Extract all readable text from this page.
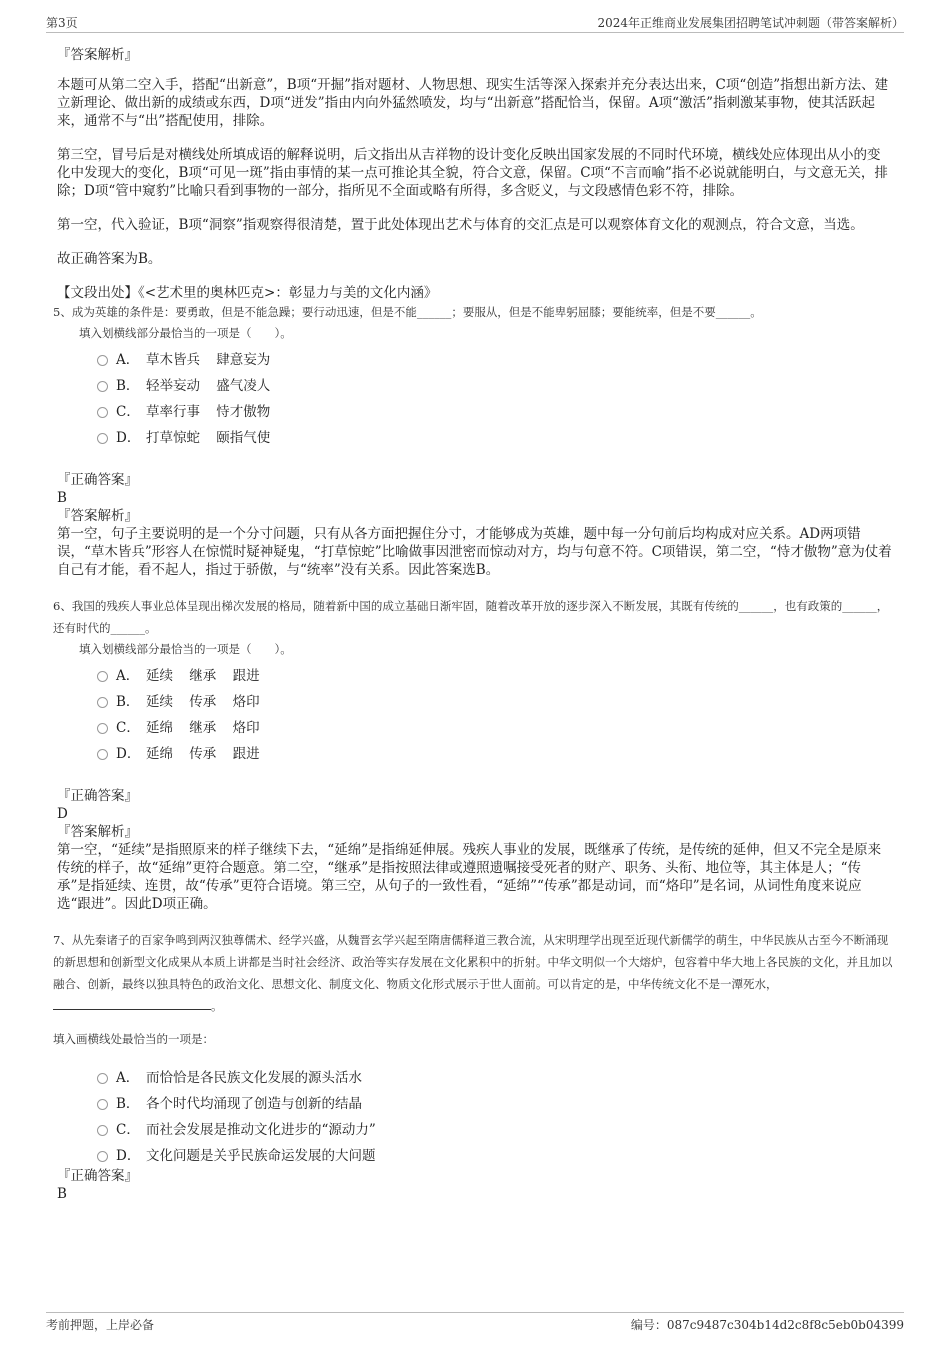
第3页	2024年正维商业发展集团招聘笔试冲刺题（带答案解析）

『答案解析』

本题可从第二空入手，搭配“出新意”，B项“开掘”指对题材、人物思想、现实生活等深入探索并充分表达出来，C项“创造”指想出新方法、建立新理论、做出新的成绩或东西，D项“迸发”指由内向外猛然喷发，均与“出新意”搭配恰当，保留。A项“激活”指刺激某事物，使其活跃起来，通常不与“出”搭配使用，排除。

第三空，冒号后是对横线处所填成语的解释说明，后文指出从吉祥物的设计变化反映出国家发展的不同时代环境，横线处应体现出从小的变化中发现大的变化，B项“可见一斑”指由事情的某一点可推论其全貌，符合文意，保留。C项“不言而喻”指不必说就能明白，与文意无关，排除；D项“管中窥豹”比喻只看到事物的一部分，指所见不全面或略有所得，多含贬义，与文段感情色彩不符，排除。

第一空，代入验证，B项“洞察”指观察得很清楚，置于此处体现出艺术与体育的交汇点是可以观察体育文化的观测点，符合文意，当选。

故正确答案为B。

【文段出处】《<艺术里的奥林匹克>：彰显力与美的文化内涵》

5、成为英雄的条件是：要勇敢，但是不能急躁；要行动迅速，但是不能______；要服从，但是不能卑躬屈膝；要能统率，但是不要______。

填入划横线部分最恰当的一项是（　　）。

A． 草木皆兵 肆意妄为
B． 轻举妄动 盛气凌人
C． 草率行事 恃才傲物
D． 打草惊蛇 颐指气使

『正确答案』

B

『答案解析』

第一空，句子主要说明的是一个分寸问题，只有从各方面把握住分寸，才能够成为英雄，题中每一分句前后均构成对应关系。AD两项错误，“草木皆兵”形容人在惊慌时疑神疑鬼，“打草惊蛇”比喻做事因泄密而惊动对方，均与句意不符。C项错误，第二空，“恃才傲物”意为仗着自己有才能，看不起人，指过于骄傲，与“统率”没有关系。因此答案选B。

6、我国的残疾人事业总体呈现出梯次发展的格局，随着新中国的成立基础日渐牢固，随着改革开放的逐步深入不断发展，其既有传统的______，也有政策的______，还有时代的______。

填入划横线部分最恰当的一项是（　　）。

A． 延续 继承 跟进
B． 延续 传承 烙印
C． 延绵 继承 烙印
D． 延绵 传承 跟进

『正确答案』

D

『答案解析』

第一空，“延续”是指照原来的样子继续下去，“延绵”是指绵延伸展。残疾人事业的发展，既继承了传统，是传统的延伸，但又不完全是原来传统的样子，故“延绵”更符合题意。第二空，“继承”是指按照法律或遵照遗嘱接受死者的财产、职务、头衔、地位等，其主体是人；“传承”是指延续、连贯，故“传承”更符合语境。第三空，从句子的一致性看，“延绵”“传承”都是动词，而“烙印”是名词，从词性角度来说应选“跟进”。因此D项正确。

7、从先秦诸子的百家争鸣到两汉独尊儒术、经学兴盛，从魏晋玄学兴起至隋唐儒释道三教合流，从宋明理学出现至近现代新儒学的萌生，中华民族从古至今不断涌现的新思想和创新型文化成果从本质上讲都是当时社会经济、政治等实存发展在文化累积中的折射。中华文明似一个大熔炉，包容着中华大地上各民族的文化，并且加以融合、创新，最终以独具特色的政治文化、思想文化、制度文化、物质文化形式展示于世人面前。可以肯定的是，中华传统文化不是一潭死水，。

填入画横线处最恰当的一项是：

A． 而恰恰是各民族文化发展的源头活水
B． 各个时代均涌现了创造与创新的结晶
C． 而社会发展是推动文化进步的“源动力”
D． 文化问题是关乎民族命运发展的大问题

『正确答案』

B

考前押题，上岸必备	编号：087c9487c304b14d2c8f8c5eb0b04399
